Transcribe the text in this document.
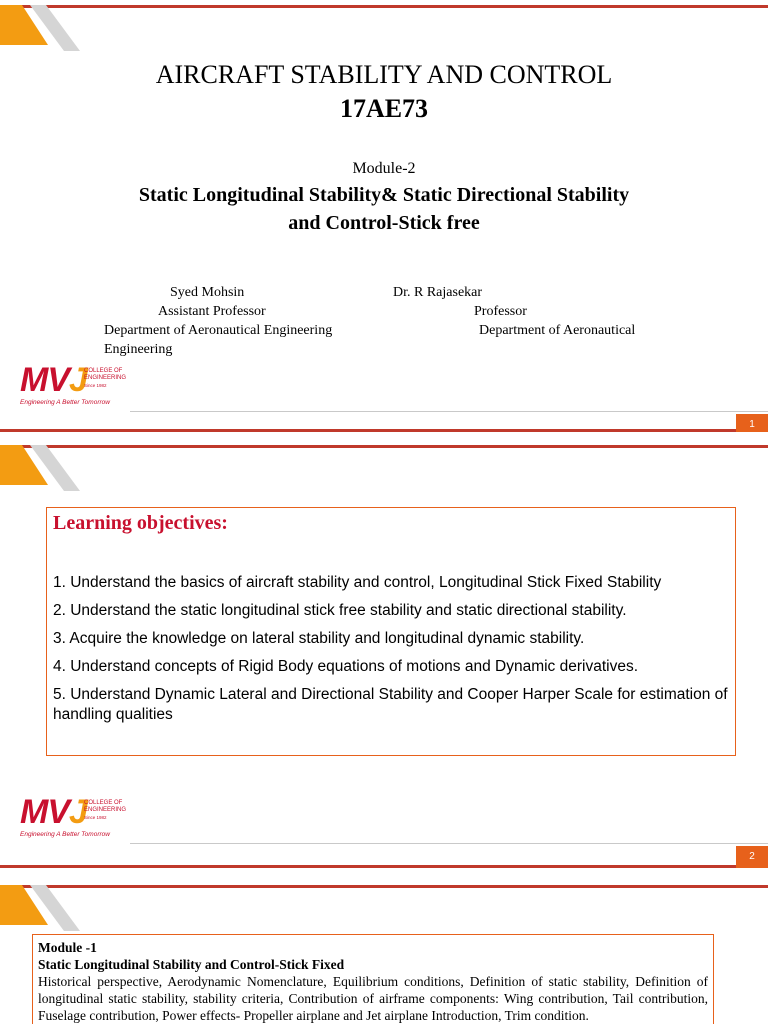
AIRCRAFT STABILITY AND CONTROL
17AE73
Module-2
Static Longitudinal Stability& Static Directional Stability
and Control-Stick free
Syed Mohsin
Assistant Professor
Department of Aeronautical Engineering
Engineering
Dr. R Rajasekar
Professor
Department of Aeronautical
MVJ
COLLEGE OF
ENGINEERING
Since 1982
Engineering A Better Tomorrow
1
Learning objectives:
1. Understand the basics of aircraft stability and control, Longitudinal Stick Fixed Stability
2. Understand the static longitudinal stick free stability and static directional stability.
3. Acquire the knowledge on lateral stability and longitudinal dynamic stability.
4. Understand concepts of Rigid Body equations of motions and Dynamic derivatives.
5. Understand Dynamic Lateral and Directional Stability and Cooper Harper Scale for estimation of handling qualities
MVJ
COLLEGE OF
ENGINEERING
Since 1982
Engineering A Better Tomorrow
2
Module -1
Static Longitudinal Stability and Control-Stick Fixed
Historical perspective, Aerodynamic Nomenclature, Equilibrium conditions, Definition of static stability, Definition of longitudinal static stability, stability criteria, Contribution of airframe components: Wing contribution, Tail contribution, Fuselage contribution, Power effects- Propeller airplane and Jet airplane Introduction, Trim condition.
